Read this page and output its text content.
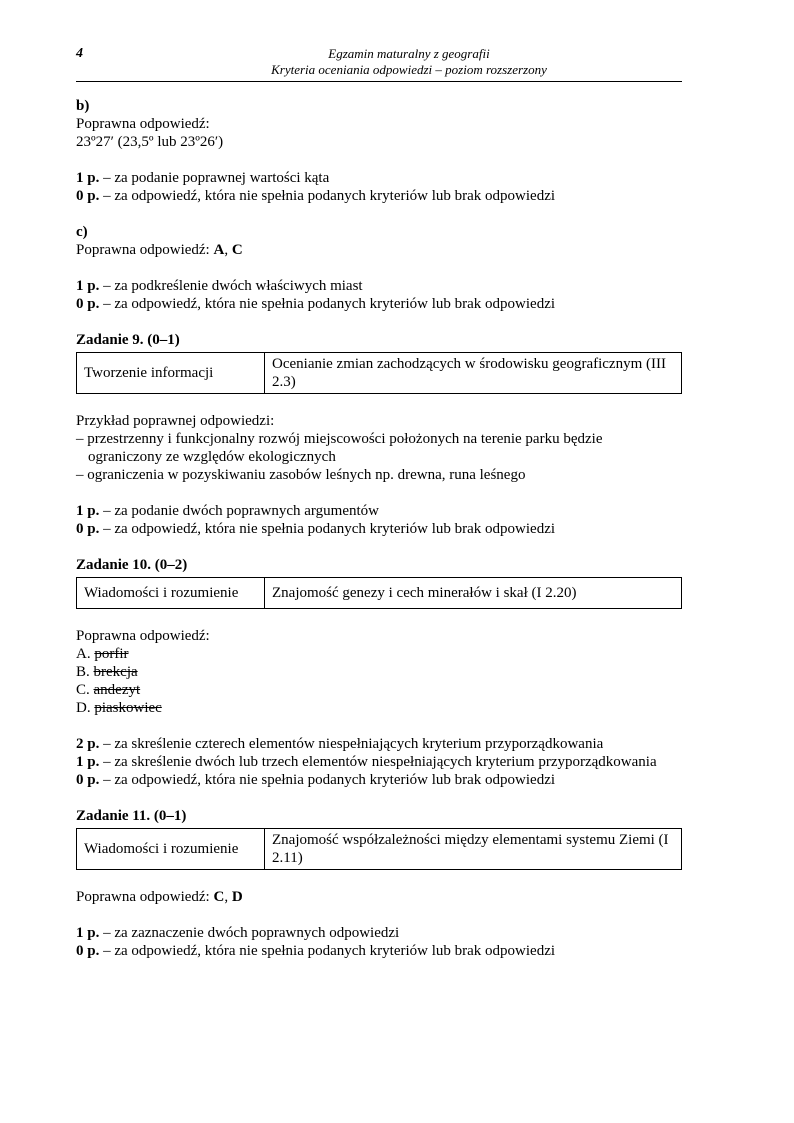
4	Egzamin maturalny z geografii
Kryteria oceniania odpowiedzi – poziom rozszerzony
b)
Poprawna odpowiedź:
23º27′ (23,5º lub 23º26′)
1 p. – za podanie poprawnej wartości kąta
0 p. – za odpowiedź, która nie spełnia podanych kryteriów lub brak odpowiedzi
c)
Poprawna odpowiedź: A, C
1 p. – za podkreślenie dwóch właściwych miast
0 p. – za odpowiedź, która nie spełnia podanych kryteriów lub brak odpowiedzi
Zadanie 9. (0–1)
Tworzenie informacji	Ocenianie zmian zachodzących w środowisku geograficznym (III 2.3)
Przykład poprawnej odpowiedzi:
– przestrzenny i funkcjonalny rozwój miejscowości położonych na terenie parku będzie
ograniczony ze względów ekologicznych
– ograniczenia w pozyskiwaniu zasobów leśnych np. drewna, runa leśnego
1 p. – za podanie dwóch poprawnych argumentów
0 p. – za odpowiedź, która nie spełnia podanych kryteriów lub brak odpowiedzi
Zadanie 10. (0–2)
Wiadomości i rozumienie	Znajomość genezy i cech minerałów i skał (I 2.20)
Poprawna odpowiedź:
A. porfir
B. brekcja
C. andezyt
D. piaskowiec
2 p. – za skreślenie czterech elementów niespełniających kryterium przyporządkowania
1 p. – za skreślenie dwóch lub trzech elementów niespełniających kryterium przyporządkowania
0 p. – za odpowiedź, która nie spełnia podanych kryteriów lub brak odpowiedzi
Zadanie 11. (0–1)
Wiadomości i rozumienie	Znajomość współzależności między elementami systemu Ziemi (I 2.11)
Poprawna odpowiedź: C, D
1 p. – za zaznaczenie dwóch poprawnych odpowiedzi
0 p. – za odpowiedź, która nie spełnia podanych kryteriów lub brak odpowiedzi
